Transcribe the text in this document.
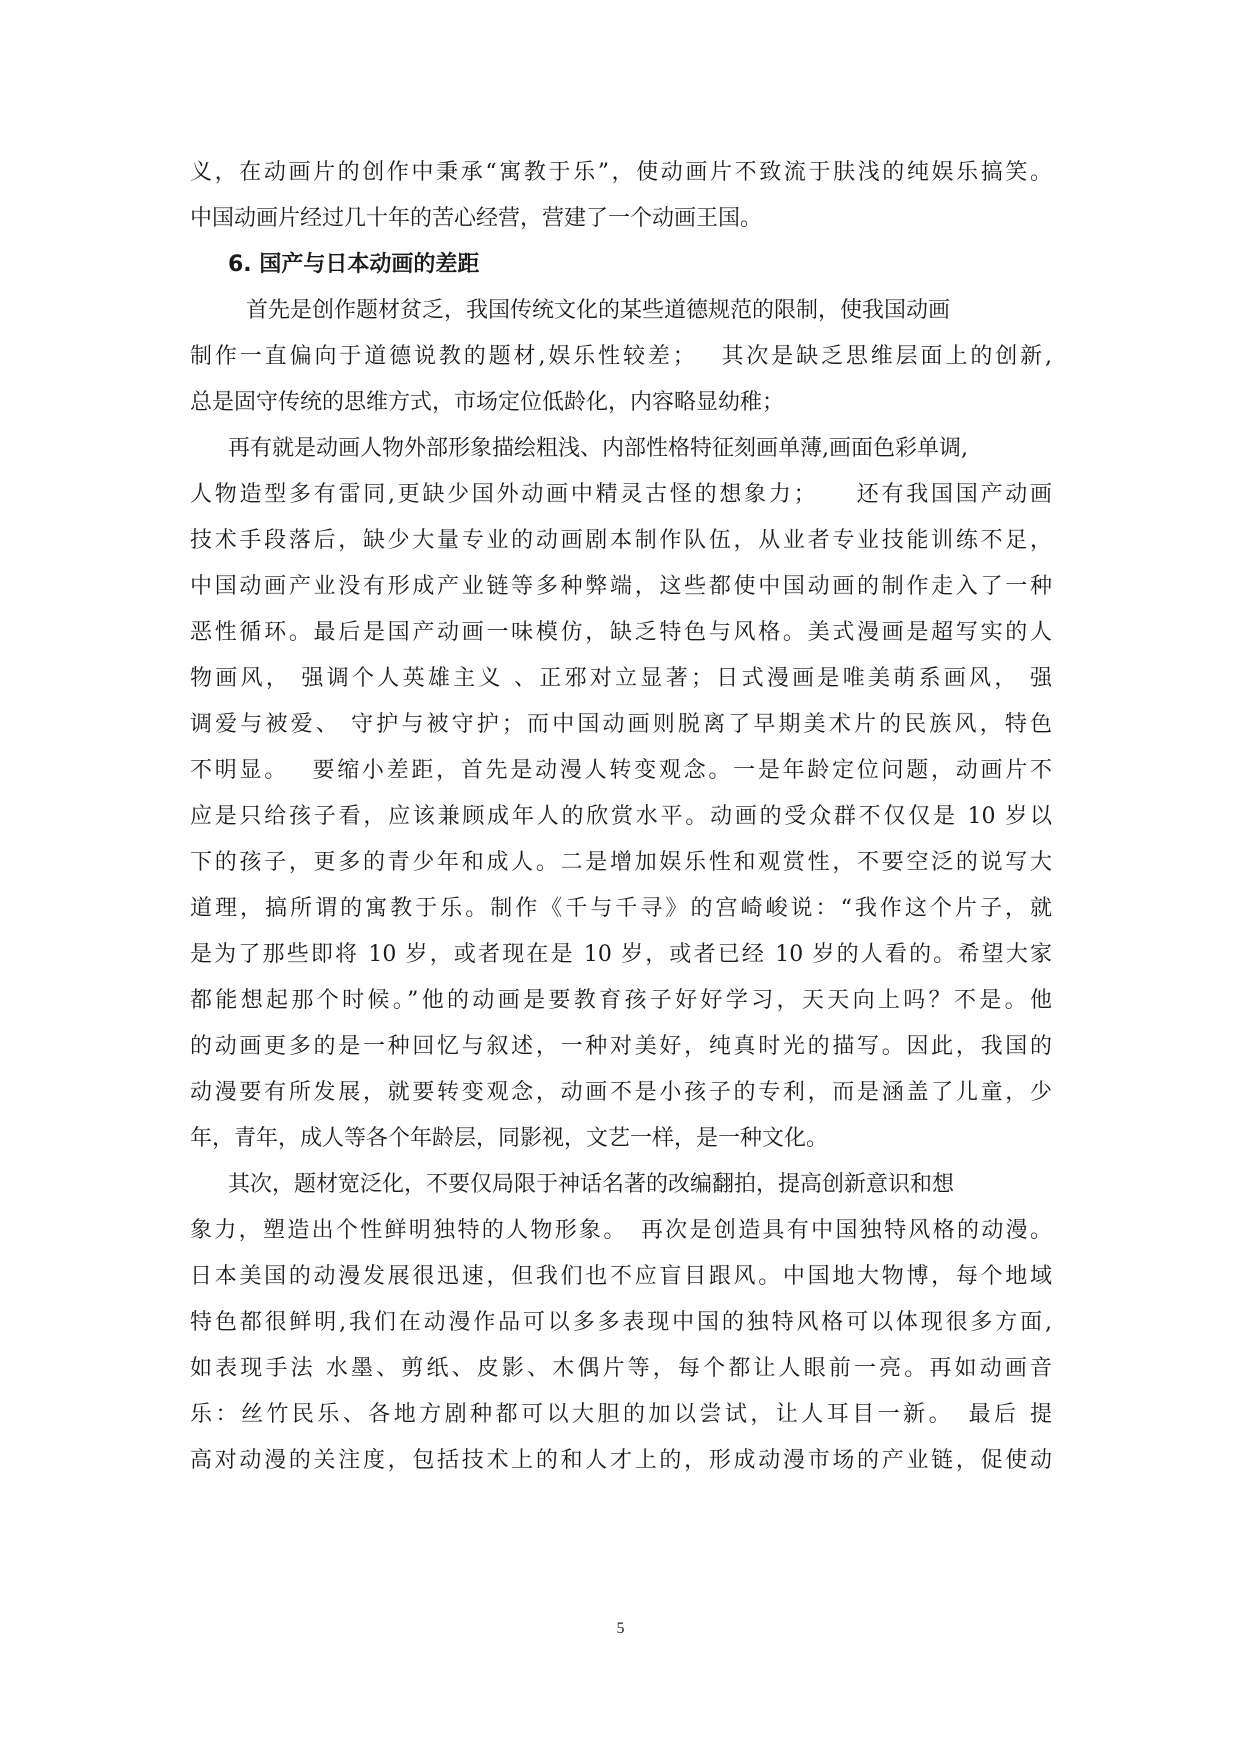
义，在动画片的创作中秉承“寓教于乐”，使动画片不致流于肤浅的纯娱乐搞笑。
中国动画片经过几十年的苦心经营，营建了一个动画王国。
6. 国产与日本动画的差距
首先是创作题材贫乏，我国传统文化的某些道德规范的限制，使我国动画
制作一直偏向于道德说教的题材,娱乐性较差；　 其次是缺乏思维层面上的创新,
总是固守传统的思维方式，市场定位低龄化，内容略显幼稚；
再有就是动画人物外部形象描绘粗浅、内部性格特征刻画单薄,画面色彩单调,
人物造型多有雷同,更缺少国外动画中精灵古怪的想象力；　　还有我国国产动画
技术手段落后，缺少大量专业的动画剧本制作队伍，从业者专业技能训练不足，
中国动画产业没有形成产业链等多种弊端，这些都使中国动画的制作走入了一种
恶性循环。最后是国产动画一味模仿，缺乏特色与风格。美式漫画是超写实的人
物画风， 强调个人英雄主义 、正邪对立显著；日式漫画是唯美萌系画风， 强
调爱与被爱、 守护与被守护；而中国动画则脱离了早期美术片的民族风，特色
不明显。　 要缩小差距，首先是动漫人转变观念。一是年龄定位问题，动画片不
应是只给孩子看，应该兼顾成年人的欣赏水平。动画的受众群不仅仅是 10 岁以
下的孩子，更多的青少年和成人。二是增加娱乐性和观赏性，不要空泛的说写大
道理，搞所谓的寓教于乐。制作《千与千寻》的宫崎峻说：“我作这个片子，就
是为了那些即将 10 岁，或者现在是 10 岁，或者已经 10 岁的人看的。希望大家
都能想起那个时候。”他的动画是要教育孩子好好学习，天天向上吗？不是。他
的动画更多的是一种回忆与叙述，一种对美好，纯真时光的描写。因此，我国的
动漫要有所发展，就要转变观念，动画不是小孩子的专利，而是涵盖了儿童，少
年，青年，成人等各个年龄层，同影视，文艺一样，是一种文化。
其次，题材宽泛化，不要仅局限于神话名著的改编翻拍，提高创新意识和想
象力，塑造出个性鲜明独特的人物形象。　再次是创造具有中国独特风格的动漫。
日本美国的动漫发展很迅速，但我们也不应盲目跟风。中国地大物博，每个地域
特色都很鲜明,我们在动漫作品可以多多表现中国的独特风格可以体现很多方面,
如表现手法 水墨、剪纸、皮影、木偶片等，每个都让人眼前一亮。再如动画音
乐：丝竹民乐、各地方剧种都可以大胆的加以尝试，让人耳目一新。　最后 提
高对动漫的关注度，包括技术上的和人才上的，形成动漫市场的产业链，促使动
5
